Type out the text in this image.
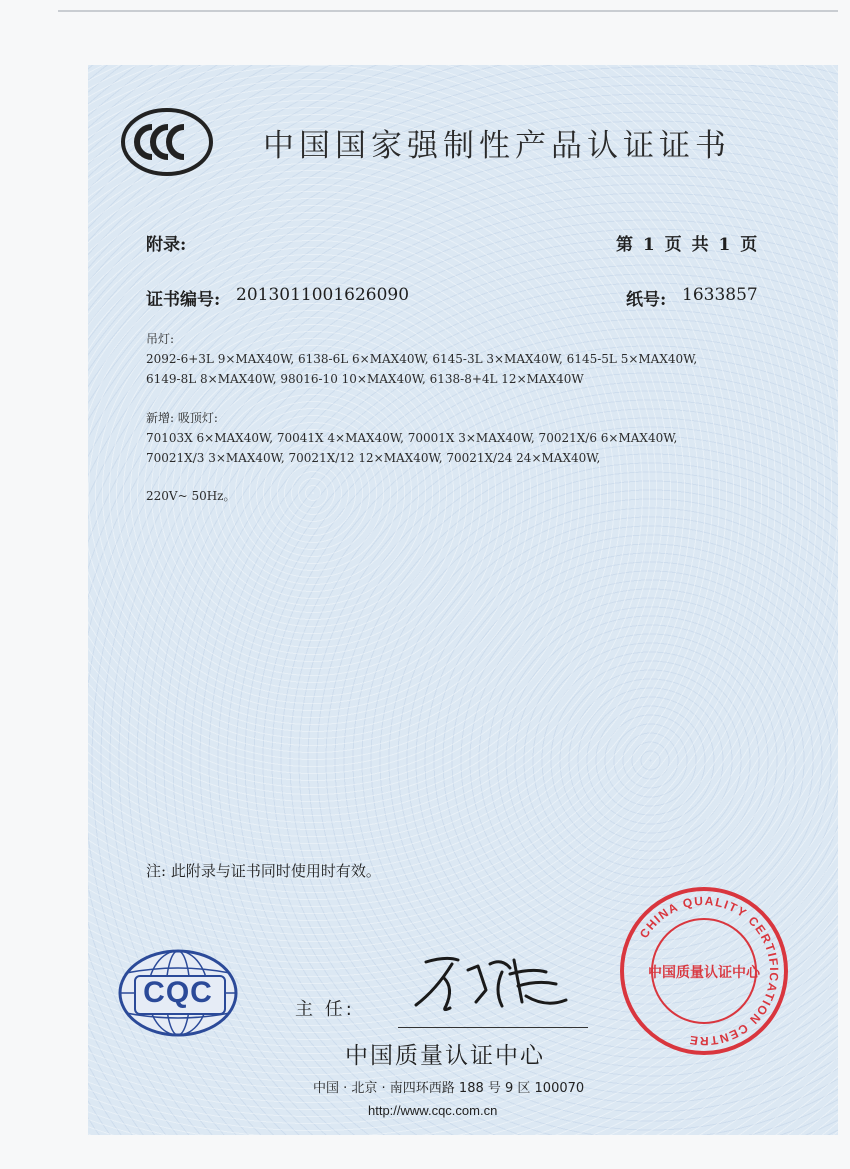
中国国家强制性产品认证证书
附录:	第 1 页 共 1 页
证书编号: 2013011001626090	纸号: 1633857
吊灯:
2092-6+3L 9×MAX40W, 6138-6L 6×MAX40W, 6145-3L 3×MAX40W, 6145-5L 5×MAX40W,
6149-8L 8×MAX40W, 98016-10 10×MAX40W, 6138-8+4L 12×MAX40W
新增: 吸顶灯:
70103X 6×MAX40W, 70041X 4×MAX40W, 70001X 3×MAX40W, 70021X/6 6×MAX40W,
70021X/3 3×MAX40W, 70021X/12 12×MAX40W, 70021X/24 24×MAX40W,
220V~ 50Hz。
注: 此附录与证书同时使用时有效。
CQC
主 任:
中国质量认证中心
中国 · 北京 · 南四环西路 188 号 9 区 100070
http://www.cqc.com.cn
CHINA QUALITY CERTIFICATION CENTRE
中国质量认证中心
